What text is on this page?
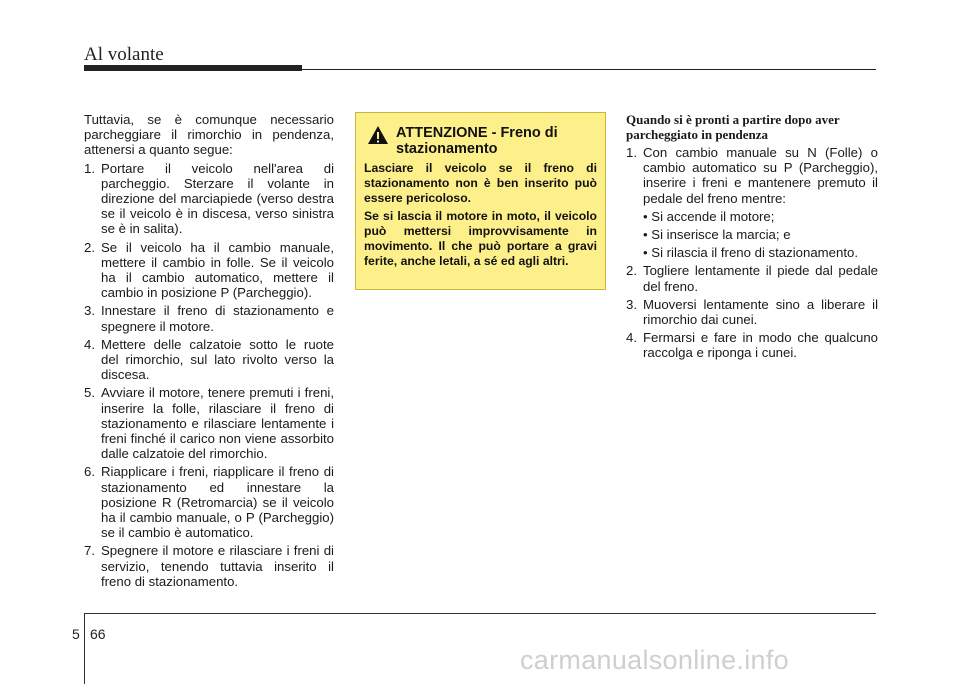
Al volante

Tuttavia, se è comunque necessario parcheggiare il rimorchio in pendenza, attenersi a quanto segue:

1. Portare il veicolo nell'area di parcheggio. Sterzare il volante in direzione del marciapiede (verso destra se il veicolo è in discesa, verso sinistra se è in salita).
2. Se il veicolo ha il cambio manuale, mettere il cambio in folle. Se il veicolo ha il cambio automatico, mettere il cambio in posizione P (Parcheggio).
3. Innestare il freno di stazionamento e spegnere il motore.
4. Mettere delle calzatoie sotto le ruote del rimorchio, sul lato rivolto verso la discesa.
5. Avviare il motore, tenere premuti i freni, inserire la folle, rilasciare il freno di stazionamento e rilasciare lentamente i freni finché il carico non viene assorbito dalle calzatoie del rimorchio.
6. Riapplicare i freni, riapplicare il freno di stazionamento ed innestare la posizione R (Retromarcia) se il veicolo ha il cambio manuale, o P (Parcheggio) se il cambio è automatico.
7. Spegnere il motore e rilasciare i freni di servizio, tenendo tuttavia inserito il freno di stazionamento.
ATTENZIONE - Freno di stazionamento

Lasciare il veicolo se il freno di stazionamento non è ben inserito può essere pericoloso.

Se si lascia il motore in moto, il veicolo può mettersi improvvisamente in movimento. Il che può portare a gravi ferite, anche letali, a sé ed agli altri.

Quando si è pronti a partire dopo aver parcheggiato in pendenza
1. Con cambio manuale su N (Folle) o cambio automatico su P (Parcheggio), inserire i freni e mantenere premuto il pedale del freno mentre:
• Si accende il motore;
• Si inserisce la marcia; e
• Si rilascia il freno di stazionamento.
2. Togliere lentamente il piede dal pedale del freno.
3. Muoversi lentamente sino a liberare il rimorchio dai cunei.
4. Fermarsi e fare in modo che qualcuno raccolga e riponga i cunei.
5 66
carmanualsonline.info
